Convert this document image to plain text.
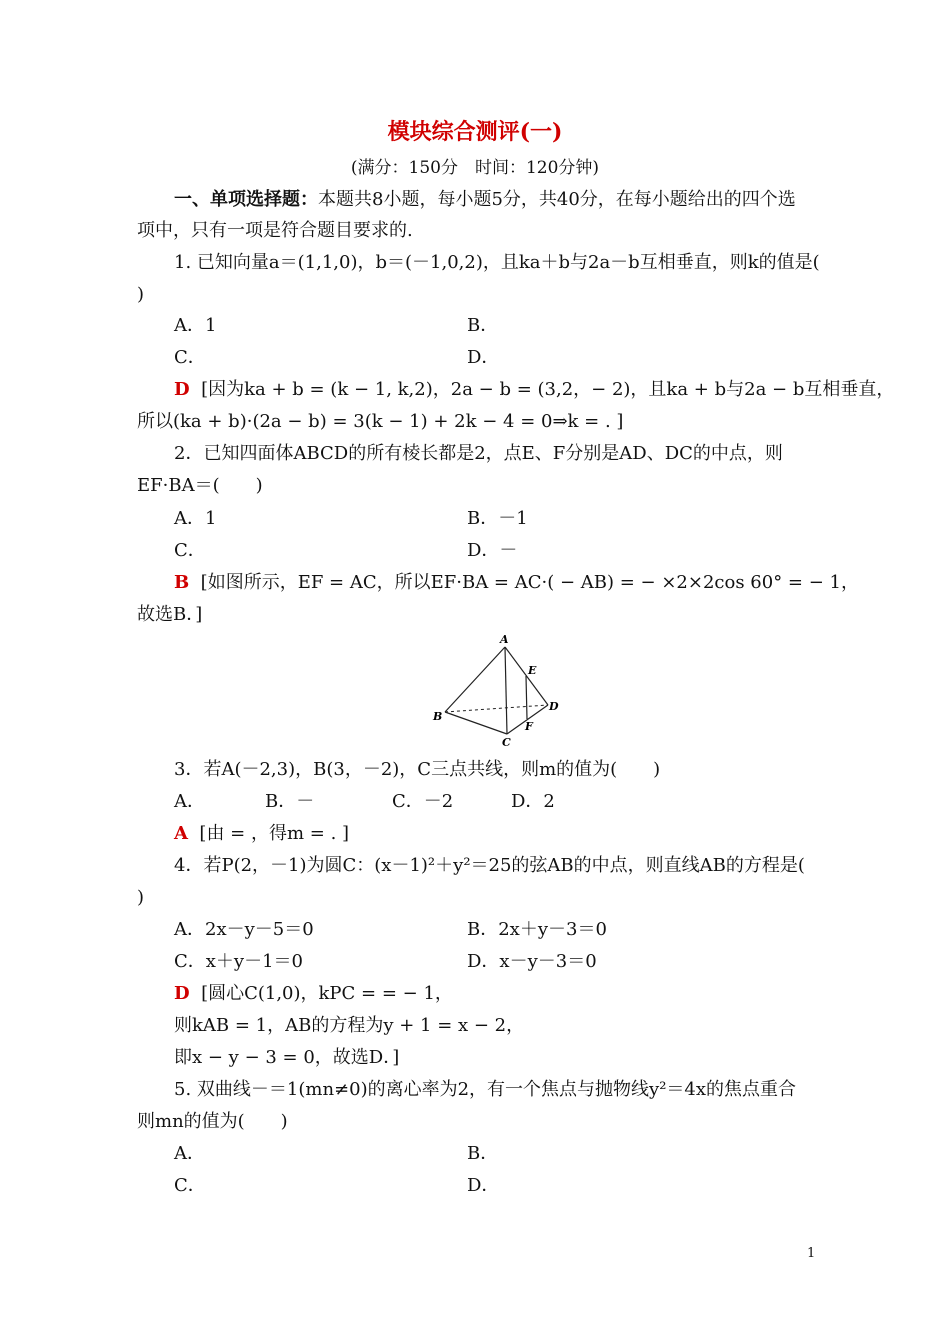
模块综合测评(一)
(满分：150分　时间：120分钟)
一、单项选择题：本题共8小题，每小题5分，共40分，在每小题给出的四个选
项中，只有一项是符合题目要求的.
1. 已知向量a＝(1,1,0)，b＝(－1,0,2)，且ka＋b与2a－b互相垂直，则k的值是(
)
A．1	B．
C．	D．
D [因为ka + b = (k − 1, k,2)，2a − b = (3,2，− 2)，且ka + b与2a − b互相垂直，
所以(ka + b)·(2a − b) = 3(k − 1) + 2k − 4 = 0⇒k = . ]
2．已知四面体ABCD的所有棱长都是2，点E、F分别是AD、DC的中点，则
EF·BA＝(　　)
A．1	B．－1
C．	D．－
B [如图所示，EF = AC，所以EF·BA = AC·( − AB) = − ×2×2cos 60° = − 1，
故选B．]
A
E
D
B
F
C
3．若A(－2,3)，B(3，－2)，C三点共线，则m的值为(　　)
A．	B．－	C．－2	D．2
A [由 = ，得m = . ]
4．若P(2，－1)为圆C：(x－1)²＋y²＝25的弦AB的中点，则直线AB的方程是(
)
A．2x－y－5＝0	B．2x＋y－3＝0
C．x＋y－1＝0	D．x－y－3＝0
D [圆心C(1,0)，kPC = = − 1，
则kAB = 1，AB的方程为y + 1 = x − 2，
即x − y − 3 = 0，故选D．]
5. 双曲线－＝1(mn≠0)的离心率为2，有一个焦点与抛物线y²＝4x的焦点重合
则mn的值为(　　)
A．	B．
C．	D．
1
